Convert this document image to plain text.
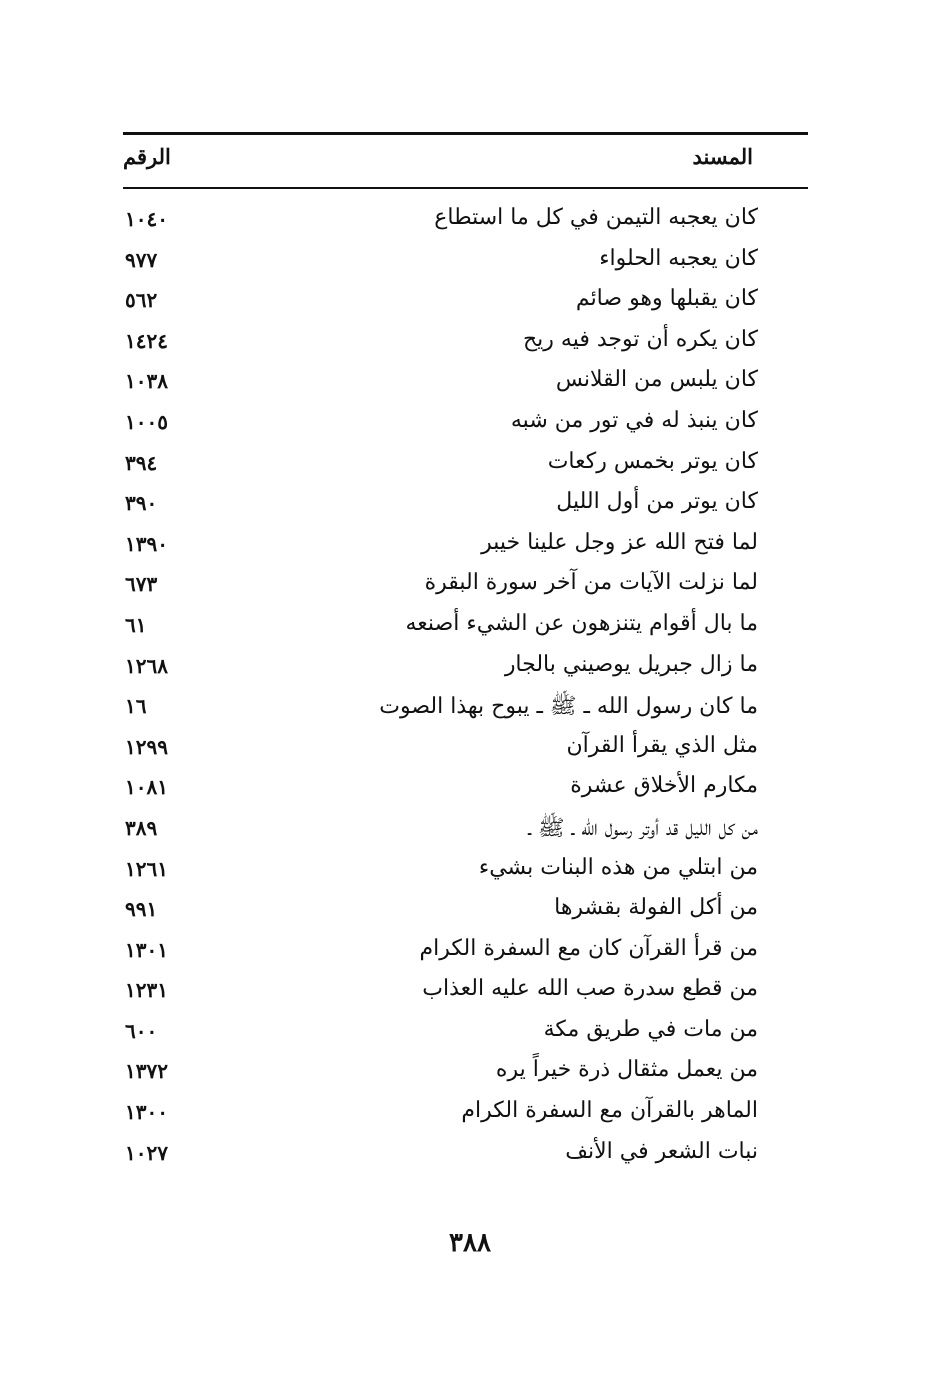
المسند
الرقم
كان يعجبه التيمن في كل ما استطاع
١٠٤٠
كان يعجبه الحلواء
٩٧٧
كان يقبلها وهو صائم
٥٦٢
كان يكره أن توجد فيه ريح
١٤٢٤
كان يلبس من القلانس
١٠٣٨
كان ينبذ له في تور من شبه
١٠٠٥
كان يوتر بخمس ركعات
٣٩٤
كان يوتر من أول الليل
٣٩٠
لما فتح الله عز وجل علينا خيبر
١٣٩٠
لما نزلت الآيات من آخر سورة البقرة
٦٧٣
ما بال أقوام يتنزهون عن الشيء أصنعه
٦١
ما زال جبريل يوصيني بالجار
١٢٦٨
ما كان رسول الله ـ ﷺ ـ يبوح بهذا الصوت
١٦
مثل الذي يقرأ القرآن
١٢٩٩
مكارم الأخلاق عشرة
١٠٨١
من كل الليل قد أوتر رسول الله ـ ﷺ ـ
٣٨٩
من ابتلي من هذه البنات بشيء
١٢٦١
من أكل الفولة بقشرها
٩٩١
من قرأ القرآن كان مع السفرة الكرام
١٣٠١
من قطع سدرة صب الله عليه العذاب
١٢٣١
من مات في طريق مكة
٦٠٠
من يعمل مثقال ذرة خيراً يره
١٣٧٢
الماهر بالقرآن مع السفرة الكرام
١٣٠٠
نبات الشعر في الأنف
١٠٢٧
٣٨٨
